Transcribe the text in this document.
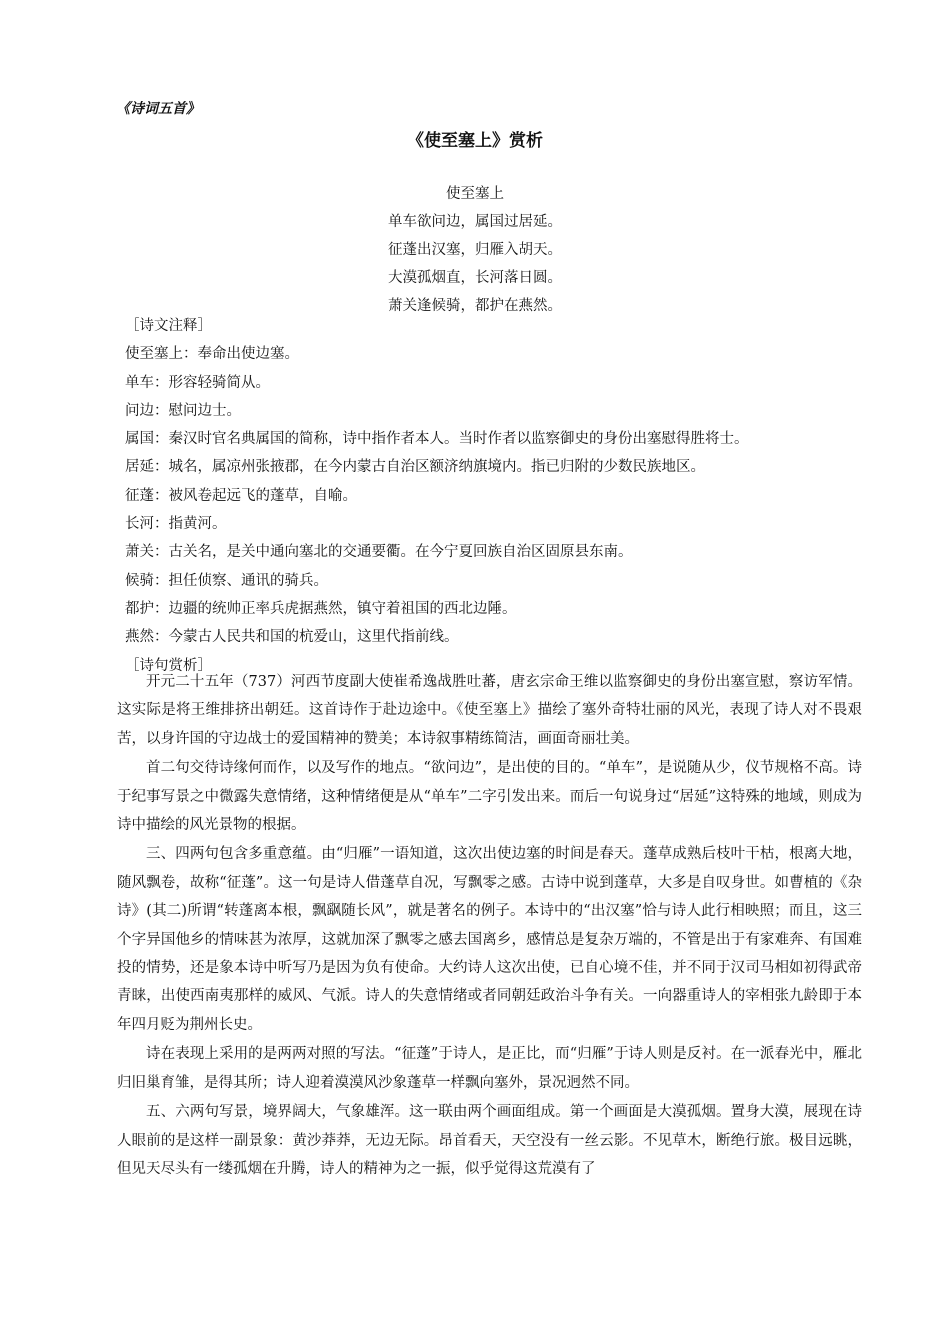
《诗词五首》
《使至塞上》赏析
使至塞上
单车欲问边，属国过居延。
征蓬出汉塞，归雁入胡天。
大漠孤烟直，长河落日圆。
萧关逢候骑，都护在燕然。
［诗文注释］
使至塞上：奉命出使边塞。
单车：形容轻骑简从。
问边：慰问边士。
属国：秦汉时官名典属国的简称，诗中指作者本人。当时作者以监察御史的身份出塞慰得胜将士。
居延：城名，属凉州张掖郡，在今内蒙古自治区额济纳旗境内。指已归附的少数民族地区。
征蓬：被风卷起远飞的蓬草，自喻。
长河：指黄河。
萧关：古关名，是关中通向塞北的交通要衢。在今宁夏回族自治区固原县东南。
候骑：担任侦察、通讯的骑兵。
都护：边疆的统帅正率兵虎据燕然，镇守着祖国的西北边陲。
燕然：今蒙古人民共和国的杭爱山，这里代指前线。
［诗句赏析］

开元二十五年（737）河西节度副大使崔希逸战胜吐蕃，唐玄宗命王维以监察御史的身份出塞宣慰，察访军情。这实际是将王维排挤出朝廷。这首诗作于赴边途中。《使至塞上》描绘了塞外奇特壮丽的风光，表现了诗人对不畏艰苦，以身许国的守边战士的爱国精神的赞美；本诗叙事精练简洁，画面奇丽壮美。

首二句交待诗缘何而作，以及写作的地点。“欲问边”，是出使的目的。“单车”，是说随从少，仪节规格不高。诗于纪事写景之中微露失意情绪，这种情绪便是从“单车”二字引发出来。而后一句说身过“居延”这特殊的地域，则成为诗中描绘的风光景物的根据。

三、四两句包含多重意蕴。由“归雁”一语知道，这次出使边塞的时间是春天。蓬草成熟后枝叶干枯，根离大地，随风飘卷，故称“征蓬”。这一句是诗人借蓬草自况，写飘零之感。古诗中说到蓬草，大多是自叹身世。如曹植的《杂诗》(其二)所谓“转蓬离本根，飘飖随长风”，就是著名的例子。本诗中的“出汉塞”恰与诗人此行相映照；而且，这三个字异国他乡的情味甚为浓厚，这就加深了飘零之感去国离乡，感情总是复杂万端的，不管是出于有家难奔、有国难投的情势，还是象本诗中听写乃是因为负有使命。大约诗人这次出使，已自心境不佳，并不同于汉司马相如初得武帝青睐，出使西南夷那样的威风、气派。诗人的失意情绪或者同朝廷政治斗争有关。一向器重诗人的宰相张九龄即于本年四月贬为荆州长史。

诗在表现上采用的是两两对照的写法。“征蓬”于诗人，是正比，而“归雁”于诗人则是反衬。在一派春光中，雁北归旧巢育雏，是得其所；诗人迎着漠漠风沙象蓬草一样飘向塞外，景况迥然不同。

五、六两句写景，境界阔大，气象雄浑。这一联由两个画面组成。第一个画面是大漠孤烟。置身大漠，展现在诗人眼前的是这样一副景象：黄沙莽莽，无边无际。昂首看天，天空没有一丝云影。不见草木，断绝行旅。极目远眺，但见天尽头有一缕孤烟在升腾，诗人的精神为之一振，似乎觉得这荒漠有了
